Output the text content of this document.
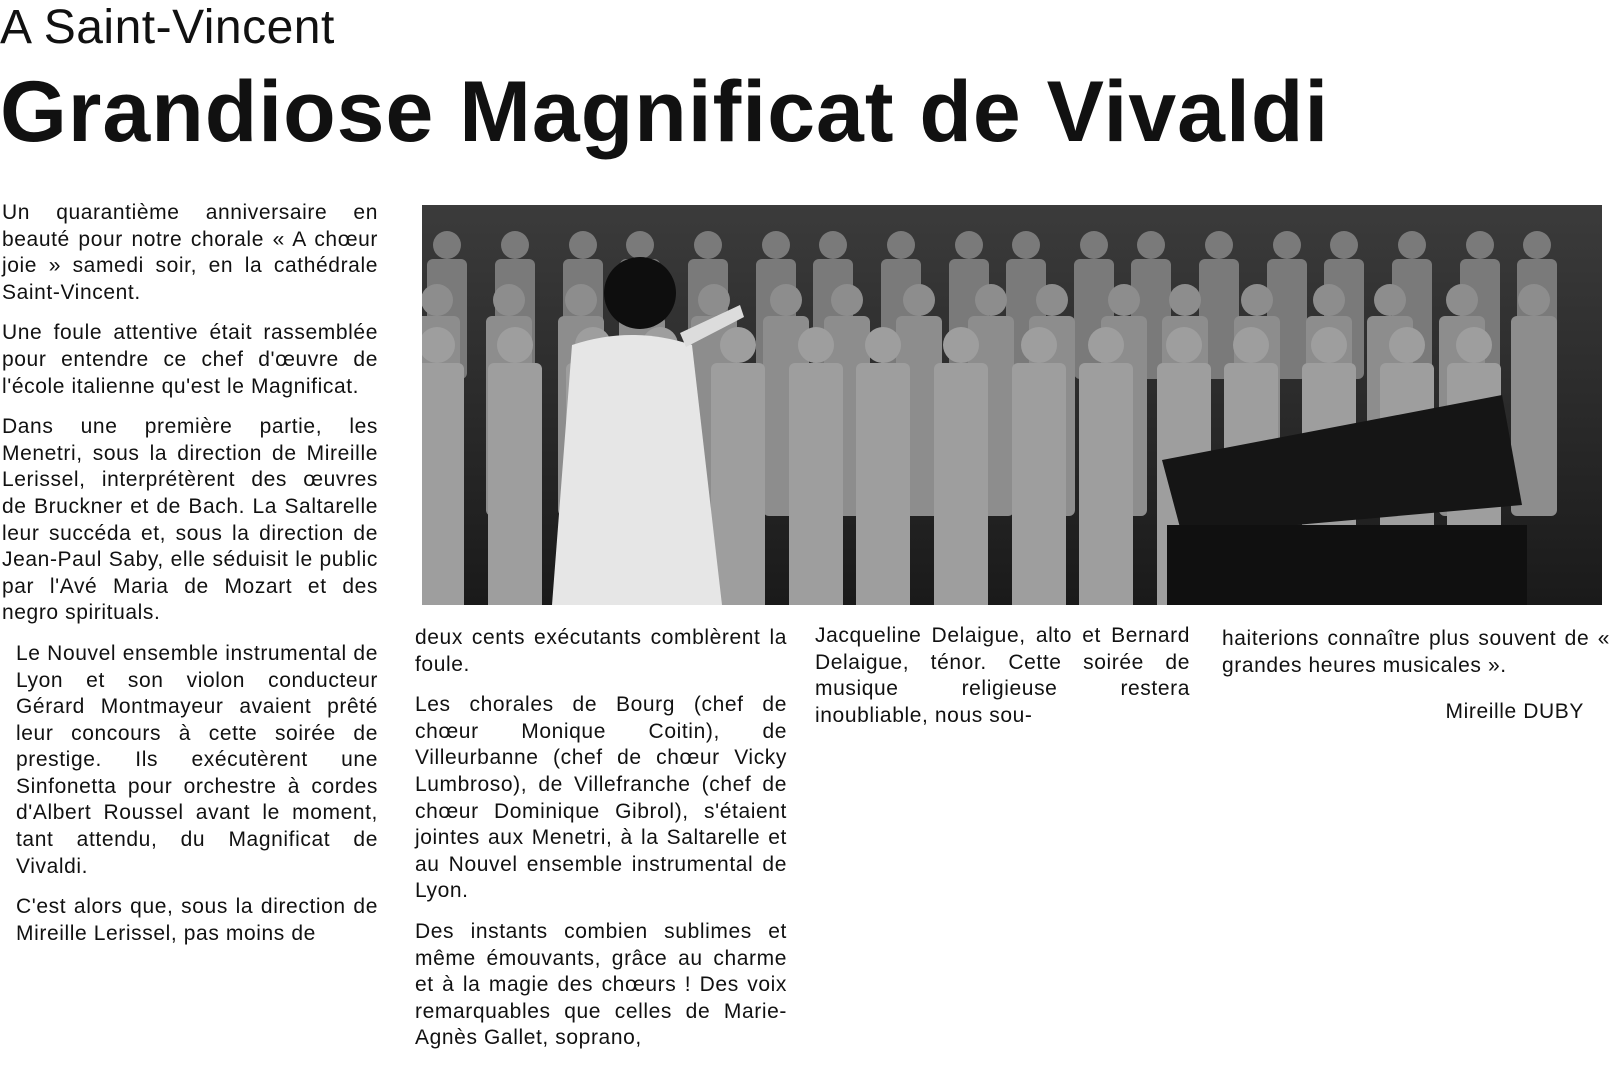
A Saint-Vincent
Grandiose Magnificat de Vivaldi

Un quarantième anniversaire en beauté pour notre chorale « A chœur joie » samedi soir, en la cathédrale Saint-Vincent.

Une foule attentive était rassemblée pour entendre ce chef d'œuvre de l'école italienne qu'est le Magnificat.

Dans une première partie, les Menetri, sous la direction de Mireille Lerissel, interprétèrent des œuvres de Bruckner et de Bach. La Saltarelle leur succéda et, sous la direction de Jean-Paul Saby, elle séduisit le public par l'Avé Maria de Mozart et des negro spirituals.

Le Nouvel ensemble instrumental de Lyon et son violon conducteur Gérard Montmayeur avaient prêté leur concours à cette soirée de prestige. Ils exécutèrent une Sinfonetta pour orchestre à cordes d'Albert Roussel avant le moment, tant attendu, du Magnificat de Vivaldi.

C'est alors que, sous la direction de Mireille Lerissel, pas moins de

deux cents exécutants comblèrent la foule.

Les chorales de Bourg (chef de chœur Monique Coitin), de Villeurbanne (chef de chœur Vicky Lumbroso), de Villefranche (chef de chœur Dominique Gibrol), s'étaient jointes aux Menetri, à la Saltarelle et au Nouvel ensemble instrumental de Lyon.

Des instants combien sublimes et même émouvants, grâce au charme et à la magie des chœurs ! Des voix remarquables que celles de Marie-Agnès Gallet, soprano,

Jacqueline Delaigue, alto et Bernard Delaigue, ténor. Cette soirée de musique religieuse restera inoubliable, nous sou-

haiterions connaître plus souvent de « grandes heures musicales ».

Mireille DUBY
